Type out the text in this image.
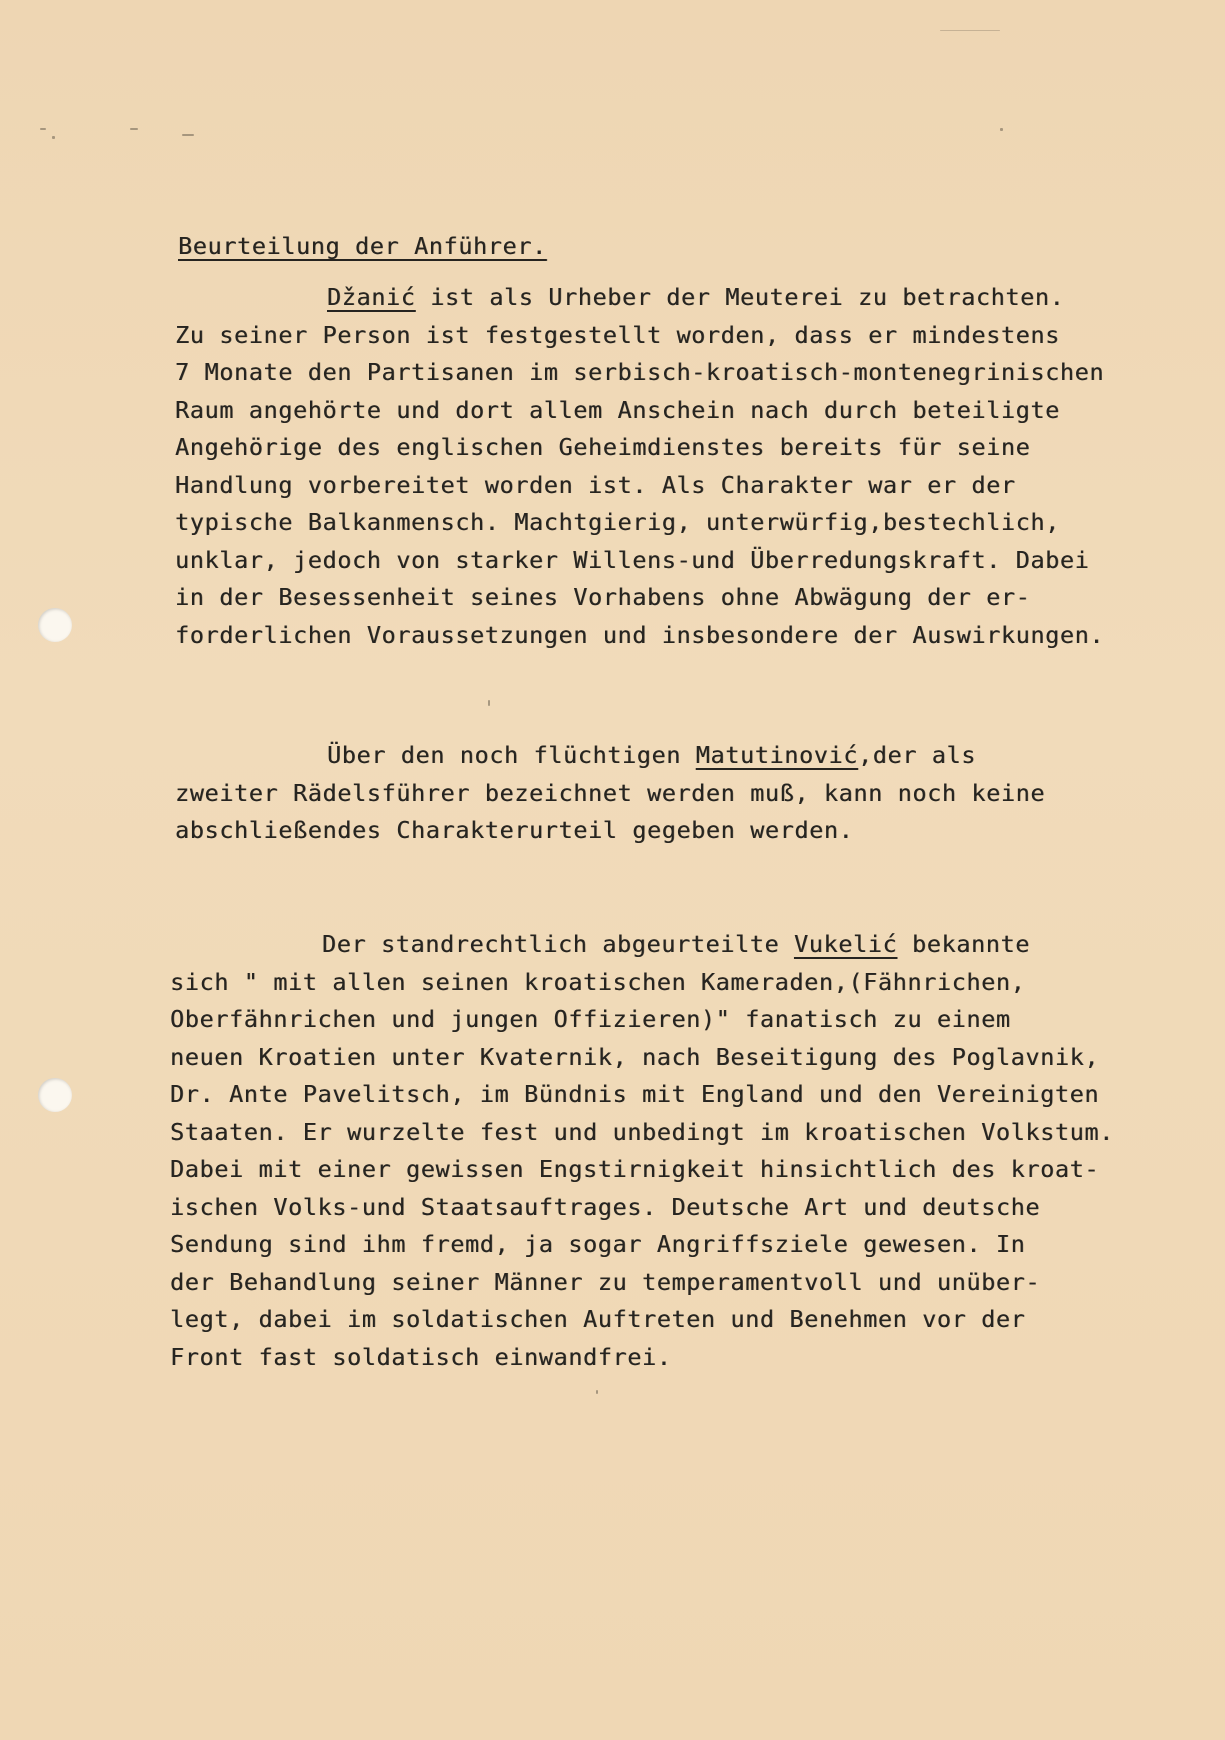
Beurteilung der Anführer.
Džanić ist als Urheber der Meuterei zu betrachten.
Zu seiner Person ist festgestellt worden, dass er mindestens
7 Monate den Partisanen im serbisch-kroatisch-montenegrinischen
Raum angehörte und dort allem Anschein nach durch beteiligte
Angehörige des englischen Geheimdienstes bereits für seine
Handlung vorbereitet worden ist. Als Charakter war er der
typische Balkanmensch. Machtgierig, unterwürfig,bestechlich,
unklar, jedoch von starker Willens-und Überredungskraft. Dabei
in der Besessenheit seines Vorhabens ohne Abwägung der er-
forderlichen Voraussetzungen und insbesondere der Auswirkungen.
Über den noch flüchtigen Matutinović,der als
zweiter Rädelsführer bezeichnet werden muß, kann noch keine
abschließendes Charakterurteil gegeben werden.
Der standrechtlich abgeurteilte Vukelić bekannte
sich " mit allen seinen kroatischen Kameraden,(Fähnrichen,
Oberfähnrichen und jungen Offizieren)" fanatisch zu einem
neuen Kroatien unter Kvaternik, nach Beseitigung des Poglavnik,
Dr. Ante Pavelitsch, im Bündnis mit England und den Vereinigten
Staaten. Er wurzelte fest und unbedingt im kroatischen Volkstum.
Dabei mit einer gewissen Engstirnigkeit hinsichtlich des kroat-
ischen Volks-und Staatsauftrages. Deutsche Art und deutsche
Sendung sind ihm fremd, ja sogar Angriffsziele gewesen. In
der Behandlung seiner Männer zu temperamentvoll und unüber-
legt, dabei im soldatischen Auftreten und Benehmen vor der
Front fast soldatisch einwandfrei.
